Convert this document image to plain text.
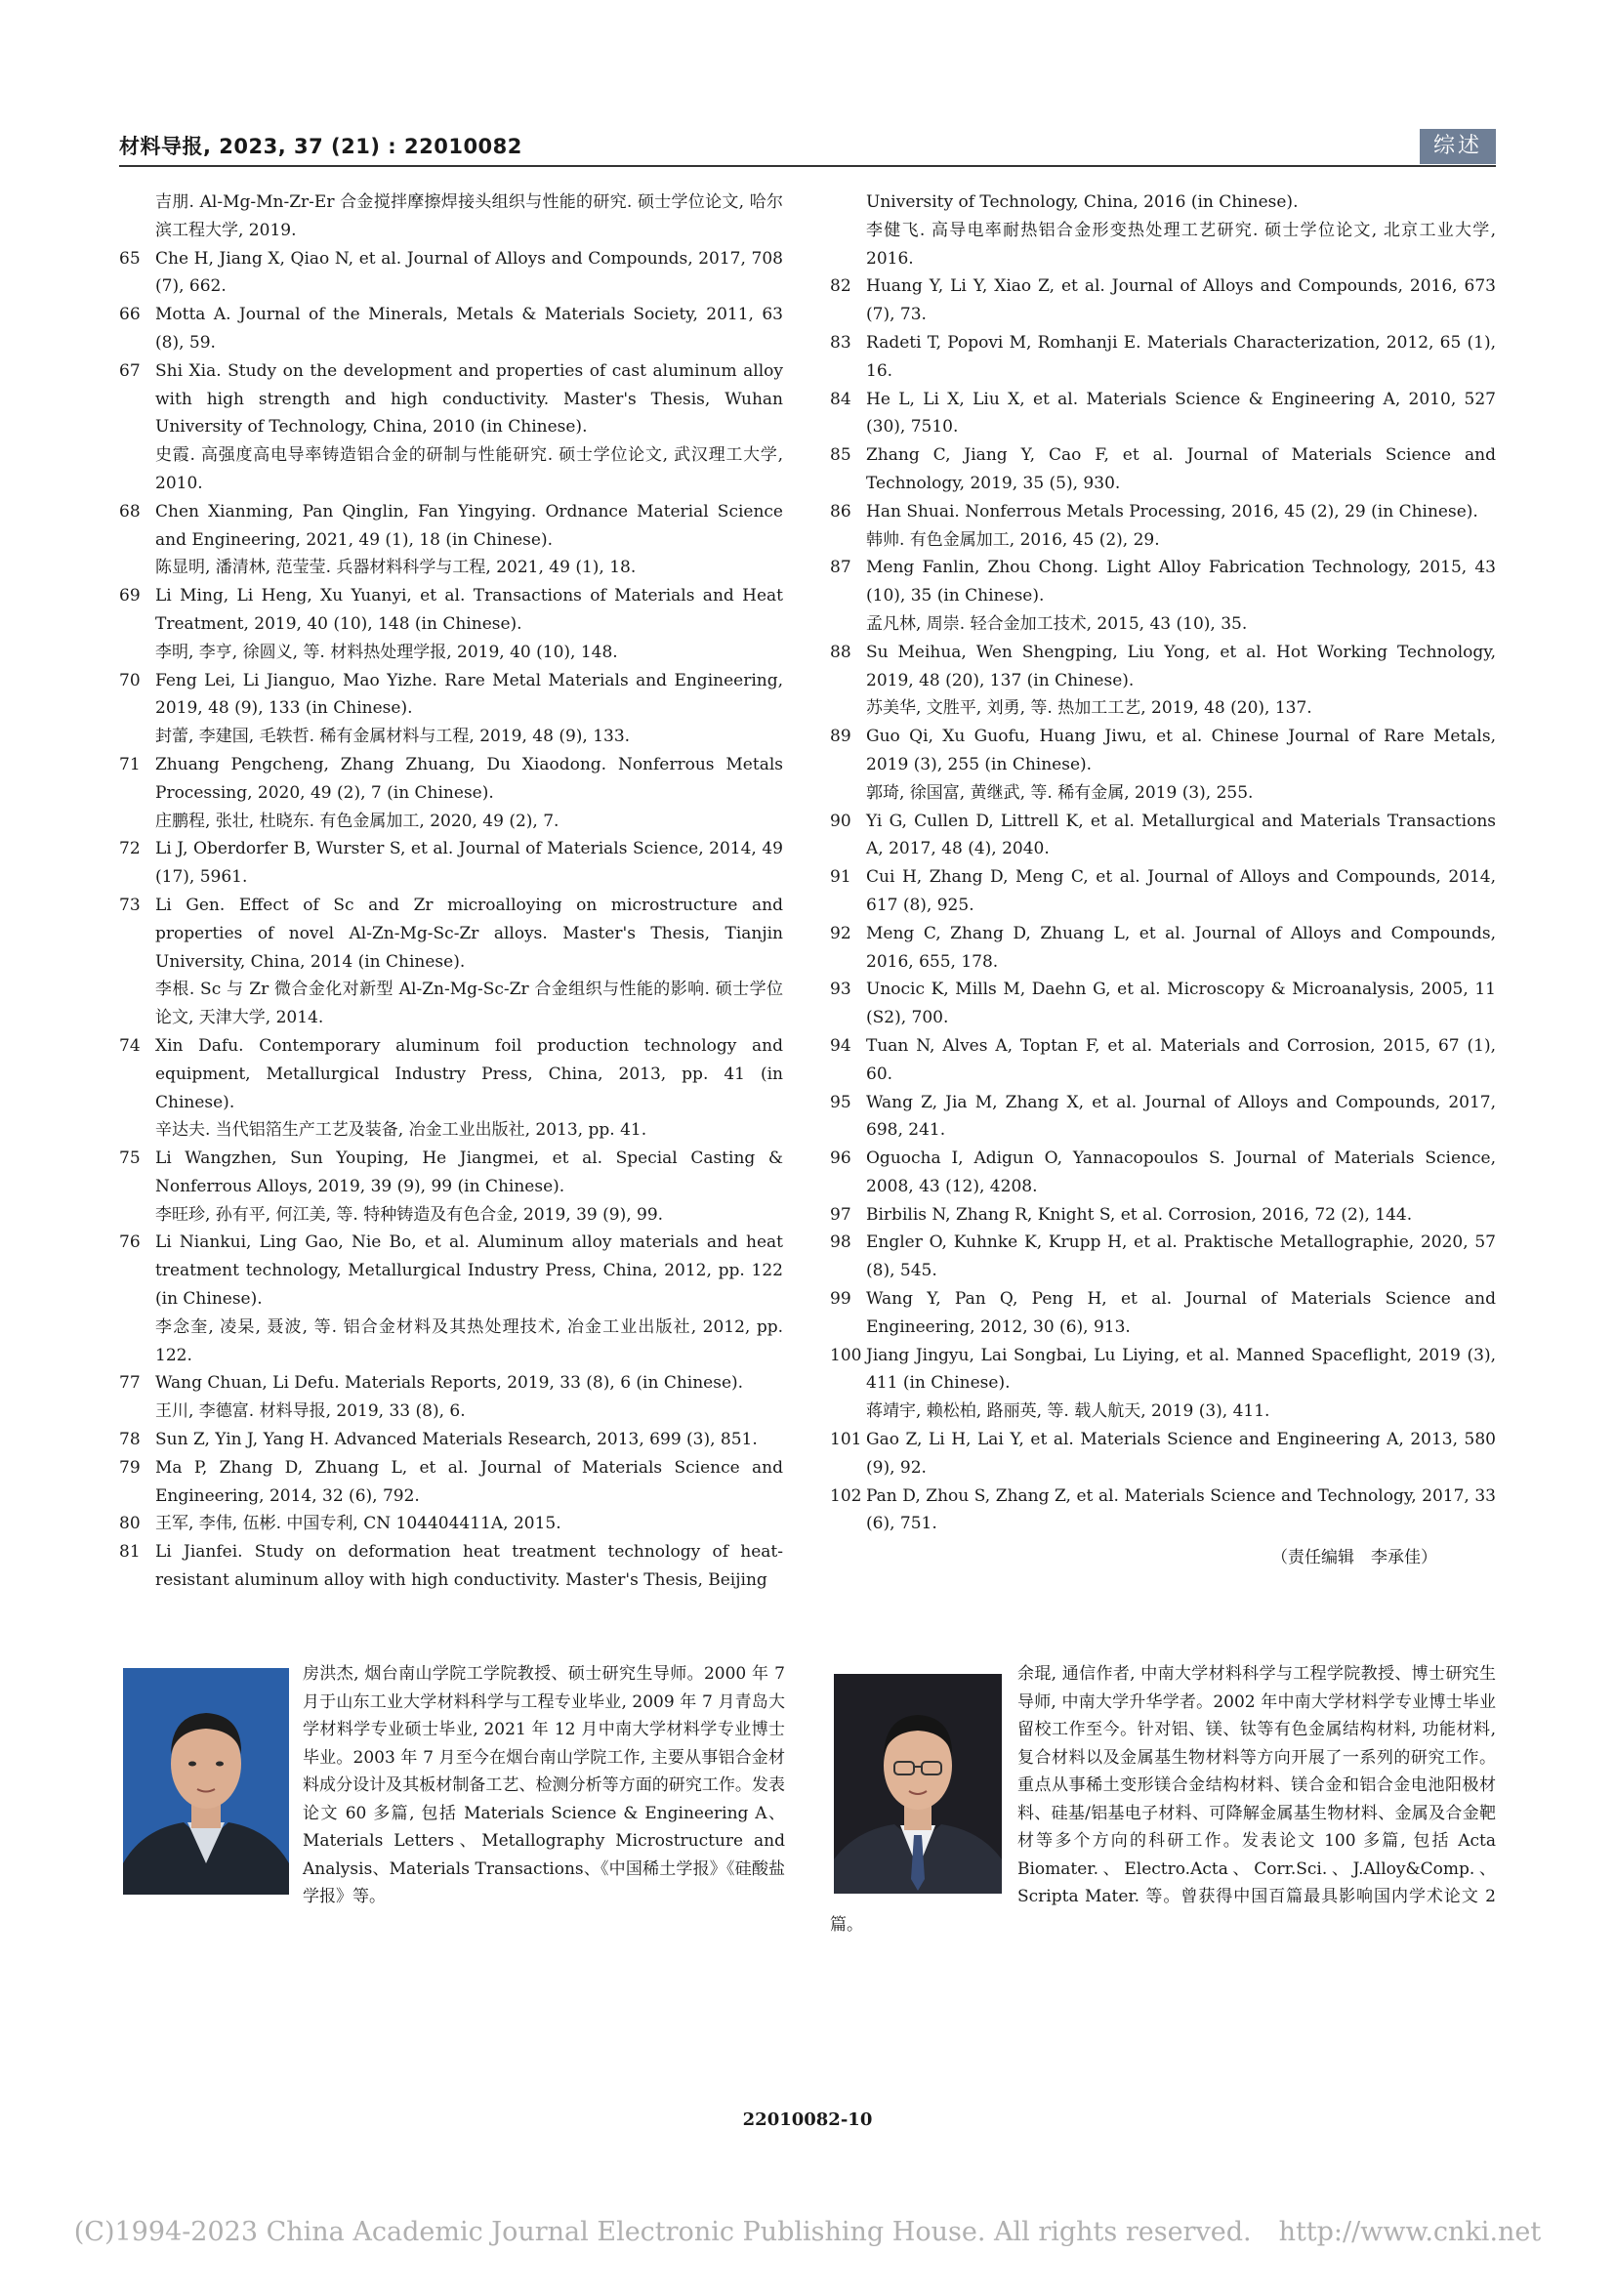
材料导报, 2023, 37 (21) : 22010082	综述
吉朋. Al-Mg-Mn-Zr-Er 合金搅拌摩擦焊接头组织与性能的研究. 硕士学位论文, 哈尔滨工程大学, 2019.
65 Che H, Jiang X, Qiao N, et al. Journal of Alloys and Compounds, 2017, 708 (7), 662.
66 Motta A. Journal of the Minerals, Metals & Materials Society, 2011, 63 (8), 59.
67 Shi Xia. Study on the development and properties of cast aluminum alloy with high strength and high conductivity. Master's Thesis, Wuhan University of Technology, China, 2010 (in Chinese).
史霞. 高强度高电导率铸造铝合金的研制与性能研究. 硕士学位论文, 武汉理工大学, 2010.
68 Chen Xianming, Pan Qinglin, Fan Yingying. Ordnance Material Science and Engineering, 2021, 49 (1), 18 (in Chinese).
陈显明, 潘清林, 范莹莹. 兵器材料科学与工程, 2021, 49 (1), 18.
69 Li Ming, Li Heng, Xu Yuanyi, et al. Transactions of Materials and Heat Treatment, 2019, 40 (10), 148 (in Chinese).
李明, 李亨, 徐圆义, 等. 材料热处理学报, 2019, 40 (10), 148.
70 Feng Lei, Li Jianguo, Mao Yizhe. Rare Metal Materials and Engineering, 2019, 48 (9), 133 (in Chinese).
封蕾, 李建国, 毛轶哲. 稀有金属材料与工程, 2019, 48 (9), 133.
71 Zhuang Pengcheng, Zhang Zhuang, Du Xiaodong. Nonferrous Metals Processing, 2020, 49 (2), 7 (in Chinese).
庄鹏程, 张壮, 杜晓东. 有色金属加工, 2020, 49 (2), 7.
72 Li J, Oberdorfer B, Wurster S, et al. Journal of Materials Science, 2014, 49 (17), 5961.
73 Li Gen. Effect of Sc and Zr microalloying on microstructure and properties of novel Al-Zn-Mg-Sc-Zr alloys. Master's Thesis, Tianjin University, China, 2014 (in Chinese).
李根. Sc 与 Zr 微合金化对新型 Al-Zn-Mg-Sc-Zr 合金组织与性能的影响. 硕士学位论文, 天津大学, 2014.
74 Xin Dafu. Contemporary aluminum foil production technology and equipment, Metallurgical Industry Press, China, 2013, pp. 41 (in Chinese).
辛达夫. 当代铝箔生产工艺及装备, 冶金工业出版社, 2013, pp. 41.
75 Li Wangzhen, Sun Youping, He Jiangmei, et al. Special Casting & Nonferrous Alloys, 2019, 39 (9), 99 (in Chinese).
李旺珍, 孙有平, 何江美, 等. 特种铸造及有色合金, 2019, 39 (9), 99.
76 Li Niankui, Ling Gao, Nie Bo, et al. Aluminum alloy materials and heat treatment technology, Metallurgical Industry Press, China, 2012, pp. 122 (in Chinese).
李念奎, 凌杲, 聂波, 等. 铝合金材料及其热处理技术, 冶金工业出版社, 2012, pp. 122.
77 Wang Chuan, Li Defu. Materials Reports, 2019, 33 (8), 6 (in Chinese).
王川, 李德富. 材料导报, 2019, 33 (8), 6.
78 Sun Z, Yin J, Yang H. Advanced Materials Research, 2013, 699 (3), 851.
79 Ma P, Zhang D, Zhuang L, et al. Journal of Materials Science and Engineering, 2014, 32 (6), 792.
80 王军, 李伟, 伍彬. 中国专利, CN 104404411A, 2015.
81 Li Jianfei. Study on deformation heat treatment technology of heat-resistant aluminum alloy with high conductivity. Master's Thesis, Beijing
University of Technology, China, 2016 (in Chinese).
李健飞. 高导电率耐热铝合金形变热处理工艺研究. 硕士学位论文, 北京工业大学, 2016.
82 Huang Y, Li Y, Xiao Z, et al. Journal of Alloys and Compounds, 2016, 673 (7), 73.
83 Radeti T, Popovi M, Romhanji E. Materials Characterization, 2012, 65 (1), 16.
84 He L, Li X, Liu X, et al. Materials Science & Engineering A, 2010, 527 (30), 7510.
85 Zhang C, Jiang Y, Cao F, et al. Journal of Materials Science and Technology, 2019, 35 (5), 930.
86 Han Shuai. Nonferrous Metals Processing, 2016, 45 (2), 29 (in Chinese).
韩帅. 有色金属加工, 2016, 45 (2), 29.
87 Meng Fanlin, Zhou Chong. Light Alloy Fabrication Technology, 2015, 43 (10), 35 (in Chinese).
孟凡林, 周崇. 轻合金加工技术, 2015, 43 (10), 35.
88 Su Meihua, Wen Shengping, Liu Yong, et al. Hot Working Technology, 2019, 48 (20), 137 (in Chinese).
苏美华, 文胜平, 刘勇, 等. 热加工工艺, 2019, 48 (20), 137.
89 Guo Qi, Xu Guofu, Huang Jiwu, et al. Chinese Journal of Rare Metals, 2019 (3), 255 (in Chinese).
郭琦, 徐国富, 黄继武, 等. 稀有金属, 2019 (3), 255.
90 Yi G, Cullen D, Littrell K, et al. Metallurgical and Materials Transactions A, 2017, 48 (4), 2040.
91 Cui H, Zhang D, Meng C, et al. Journal of Alloys and Compounds, 2014, 617 (8), 925.
92 Meng C, Zhang D, Zhuang L, et al. Journal of Alloys and Compounds, 2016, 655, 178.
93 Unocic K, Mills M, Daehn G, et al. Microscopy & Microanalysis, 2005, 11 (S2), 700.
94 Tuan N, Alves A, Toptan F, et al. Materials and Corrosion, 2015, 67 (1), 60.
95 Wang Z, Jia M, Zhang X, et al. Journal of Alloys and Compounds, 2017, 698, 241.
96 Oguocha I, Adigun O, Yannacopoulos S. Journal of Materials Science, 2008, 43 (12), 4208.
97 Birbilis N, Zhang R, Knight S, et al. Corrosion, 2016, 72 (2), 144.
98 Engler O, Kuhnke K, Krupp H, et al. Praktische Metallographie, 2020, 57 (8), 545.
99 Wang Y, Pan Q, Peng H, et al. Journal of Materials Science and Engineering, 2012, 30 (6), 913.
100 Jiang Jingyu, Lai Songbai, Lu Liying, et al. Manned Spaceflight, 2019 (3), 411 (in Chinese).
蒋靖宇, 赖松柏, 路丽英, 等. 载人航天, 2019 (3), 411.
101 Gao Z, Li H, Lai Y, et al. Materials Science and Engineering A, 2013, 580 (9), 92.
102 Pan D, Zhou S, Zhang Z, et al. Materials Science and Technology, 2017, 33 (6), 751.
（责任编辑　李承佳）
房洪杰, 烟台南山学院工学院教授、硕士研究生导师。2000 年 7 月于山东工业大学材料科学与工程专业毕业, 2009 年 7 月青岛大学材料学专业硕士毕业, 2021 年 12 月中南大学材料学专业博士毕业。2003 年 7 月至今在烟台南山学院工作, 主要从事铝合金材料成分设计及其板材制备工艺、检测分析等方面的研究工作。发表论文 60 多篇, 包括 Materials Science & Engineering A、Materials Letters、Metallography Microstructure and Analysis、Materials Transactions、《中国稀土学报》《硅酸盐学报》等。
余琨, 通信作者, 中南大学材料科学与工程学院教授、博士研究生导师, 中南大学升华学者。2002 年中南大学材料学专业博士毕业留校工作至今。针对铝、镁、钛等有色金属结构材料, 功能材料, 复合材料以及金属基生物材料等方向开展了一系列的研究工作。重点从事稀土变形镁合金结构材料、镁合金和铝合金电池阳极材料、硅基/铝基电子材料、可降解金属基生物材料、金属及合金靶材等多个方向的科研工作。发表论文 100 多篇, 包括 Acta Biomater.、Electro.Acta、Corr.Sci.、J.Alloy&Comp.、Scripta Mater. 等。曾获得中国百篇最具影响国内学术论文 2 篇。
22010082-10
(C)1994-2023 China Academic Journal Electronic Publishing House. All rights reserved. http://www.cnki.net
